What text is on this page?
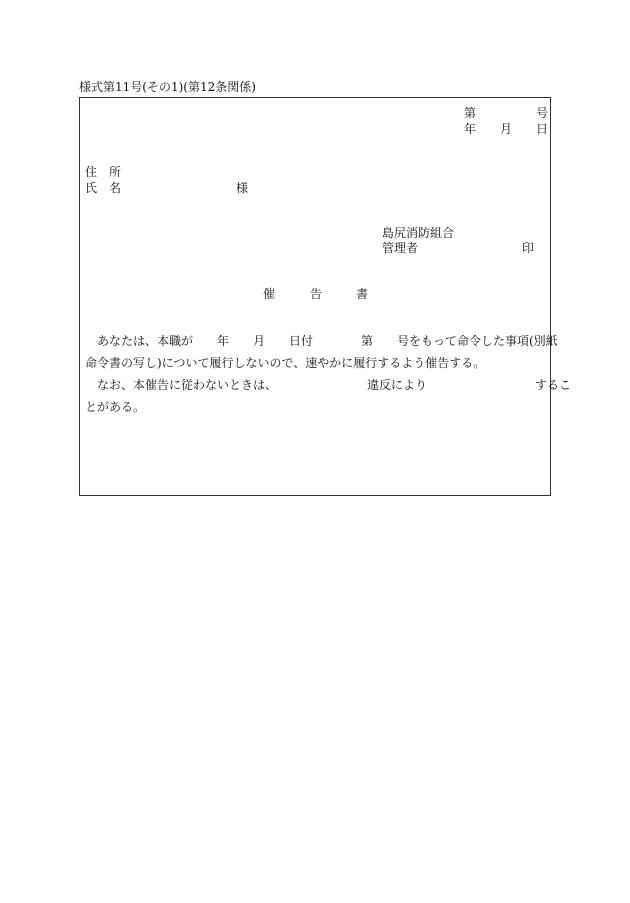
様式第11号(その1)(第12条関係)
第	号
年 月 日
住　所
氏　名	様
島尻消防組合
管理者	印
催	告	書

　あなたは、本職が　　年　　月　　日付　　　　第　　号をもって命令した事項(別紙

命令書の写し)について履行しないので、速やかに履行するよう催告する。

　なお、本催告に従わないときは、　　　　　　　　違反により　　　　　　　　　するこ

とがある。
